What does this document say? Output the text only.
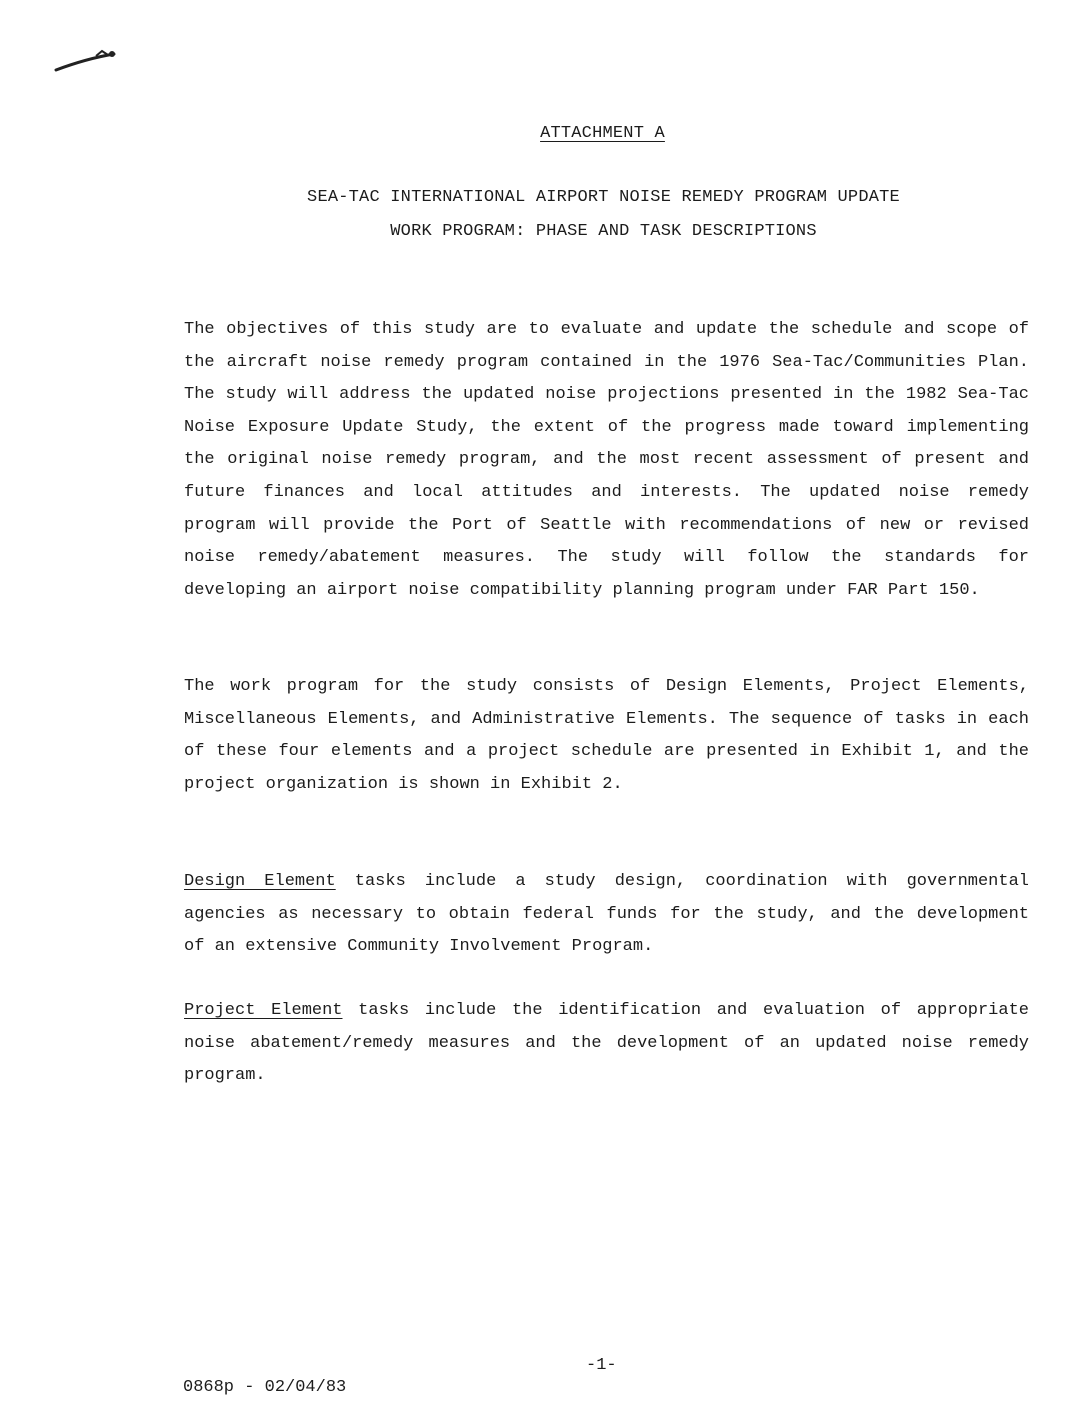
ATTACHMENT A
SEA-TAC INTERNATIONAL AIRPORT NOISE REMEDY PROGRAM UPDATE
WORK PROGRAM: PHASE AND TASK DESCRIPTIONS

The objectives of this study are to evaluate and update the schedule and scope of the aircraft noise remedy program contained in the 1976 Sea-Tac/Communities Plan. The study will address the updated noise projections presented in the 1982 Sea-Tac Noise Exposure Update Study, the extent of the progress made toward implementing the original noise remedy program, and the most recent assessment of present and future finances and local attitudes and interests. The updated noise remedy program will provide the Port of Seattle with recommendations of new or revised noise remedy/abatement measures. The study will follow the standards for developing an airport noise compatibility planning program under FAR Part 150.

The work program for the study consists of Design Elements, Project Elements, Miscellaneous Elements, and Administrative Elements. The sequence of tasks in each of these four elements and a project schedule are presented in Exhibit 1, and the project organization is shown in Exhibit 2.

Design Element tasks include a study design, coordination with governmental agencies as necessary to obtain federal funds for the study, and the development of an extensive Community Involvement Program.

Project Element tasks include the identification and evaluation of appropriate noise abatement/remedy measures and the development of an updated noise remedy program.

-1-
0868p - 02/04/83
